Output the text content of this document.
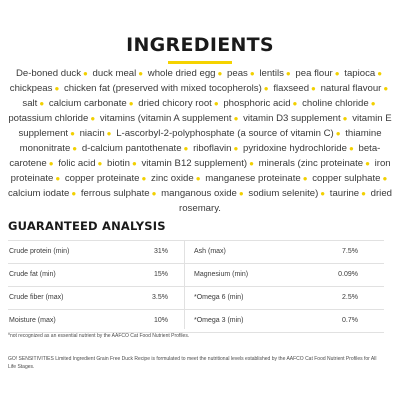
INGREDIENTS
De-boned duck ● duck meal ● whole dried egg ● peas ● lentils ● pea flour ● tapioca ● chickpeas ● chicken fat (preserved with mixed tocopherols) ● flaxseed ● natural flavour ● salt ● calcium carbonate ● dried chicory root ● phosphoric acid ● choline chloride ● potassium chloride ● vitamins (vitamin A supplement ● vitamin D3 supplement ● vitamin E supplement ● niacin ● L-ascorbyl-2-polyphosphate (a source of vitamin C) ● thiamine mononitrate ● d-calcium pantothenate ● riboflavin ● pyridoxine hydrochloride ● beta-carotene ● folic acid ● biotin ● vitamin B12 supplement) ● minerals (zinc proteinate ● iron proteinate ● copper proteinate ● zinc oxide ● manganese proteinate ● copper sulphate ● calcium iodate ● ferrous sulphate ● manganous oxide ● sodium selenite) ● taurine ● dried rosemary.
GUARANTEED ANALYSIS
Crude protein (min)	31%	Ash (max)	7.5%
Crude fat (min)	15%	Magnesium (min)	0.09%
Crude fiber (max)	3.5%	*Omega 6 (min)	2.5%
Moisture (max)	10%	*Omega 3 (min)	0.7%
*not recognized as an essential nutrient by the AAFCO Cat Food Nutrient Profiles.
GO! SENSITIVITIES Limited Ingredient Grain Free Duck Recipe is formulated to meet the nutritional levels established by the AAFCO Cat Food Nutrient Profiles for All Life Stages.
